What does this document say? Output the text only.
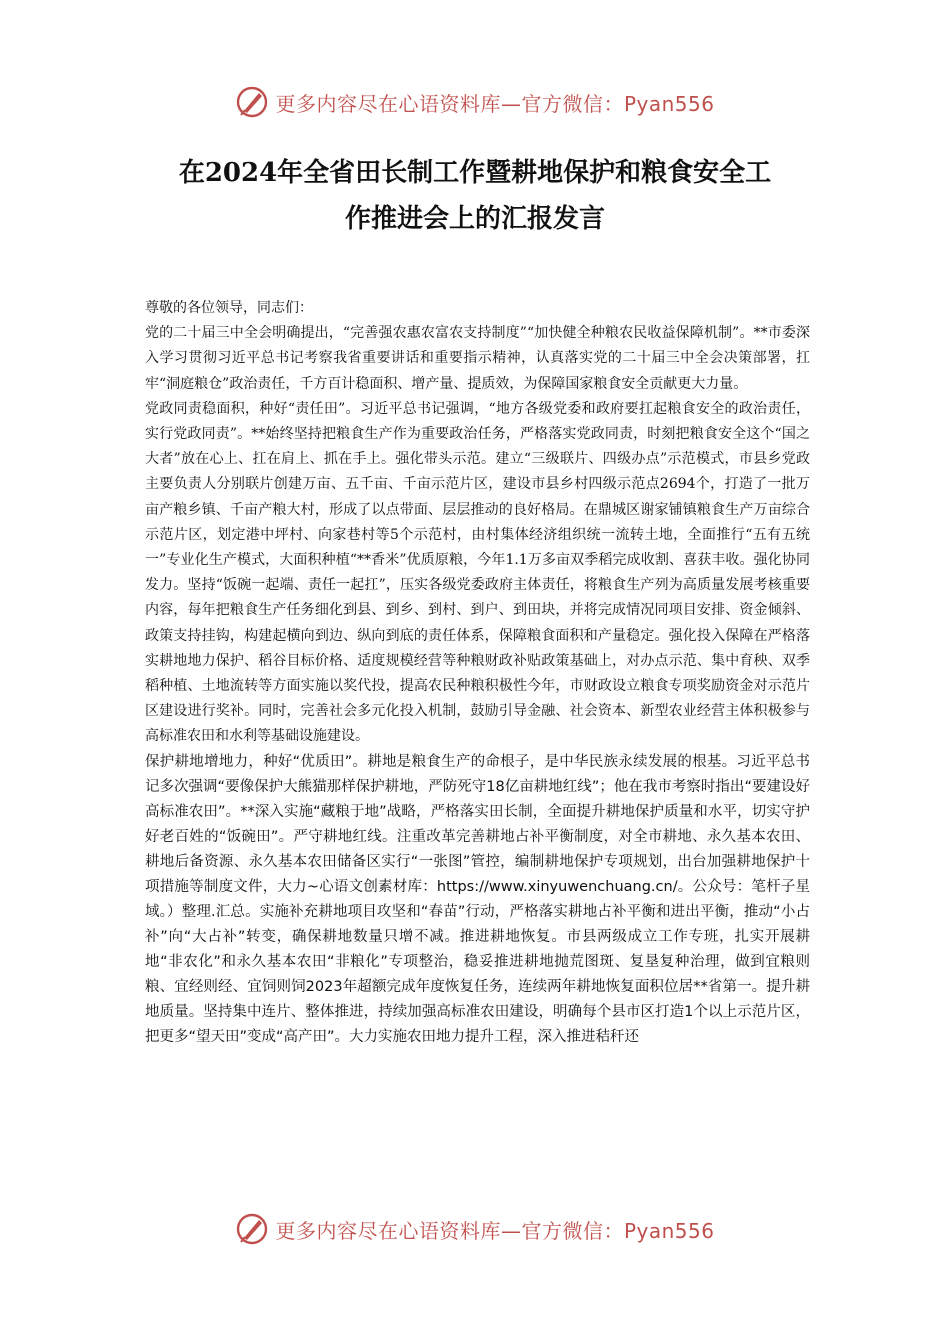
更多内容尽在心语资料库—官方微信：Pyan556
在2024年全省田长制工作暨耕地保护和粮食安全工
作推进会上的汇报发言

尊敬的各位领导，同志们：

党的二十届三中全会明确提出，“完善强农惠农富农支持制度”“加快健全种粮农民收益保障机制”。**市委深入学习贯彻习近平总书记考察我省重要讲话和重要指示精神，认真落实党的二十届三中全会决策部署，扛牢“洞庭粮仓”政治责任，千方百计稳面积、增产量、提质效，为保障国家粮食安全贡献更大力量。

党政同责稳面积，种好“责任田”。习近平总书记强调，“地方各级党委和政府要扛起粮食安全的政治责任，实行党政同责”。**始终坚持把粮食生产作为重要政治任务，严格落实党政同责，时刻把粮食安全这个“国之大者”放在心上、扛在肩上、抓在手上。强化带头示范。建立“三级联片、四级办点”示范模式，市县乡党政主要负责人分别联片创建万亩、五千亩、千亩示范片区，建设市县乡村四级示范点2694个，打造了一批万亩产粮乡镇、千亩产粮大村，形成了以点带面、层层推动的良好格局。在鼎城区谢家铺镇粮食生产万亩综合示范片区，划定港中坪村、向家巷村等5个示范村，由村集体经济组织统一流转土地，全面推行“五有五统一”专业化生产模式，大面积种植“**香米”优质原粮，今年1.1万多亩双季稻完成收割、喜获丰收。强化协同发力。坚持“饭碗一起端、责任一起扛”，压实各级党委政府主体责任，将粮食生产列为高质量发展考核重要内容，每年把粮食生产任务细化到县、到乡、到村、到户、到田块，并将完成情况同项目安排、资金倾斜、政策支持挂钩，构建起横向到边、纵向到底的责任体系，保障粮食面积和产量稳定。强化投入保障在严格落实耕地地力保护、稻谷目标价格、适度规模经营等种粮财政补贴政策基础上，对办点示范、集中育秧、双季稻种植、土地流转等方面实施以奖代投，提高农民种粮积极性今年，市财政设立粮食专项奖励资金对示范片区建设进行奖补。同时，完善社会多元化投入机制，鼓励引导金融、社会资本、新型农业经营主体积极参与高标准农田和水利等基础设施建设。

保护耕地增地力，种好“优质田”。耕地是粮食生产的命根子，是中华民族永续发展的根基。习近平总书记多次强调“要像保护大熊猫那样保护耕地，严防死守18亿亩耕地红线”；他在我市考察时指出“要建设好高标准农田”。**深入实施“藏粮于地”战略，严格落实田长制，全面提升耕地保护质量和水平，切实守护好老百姓的“饭碗田”。严守耕地红线。注重改革完善耕地占补平衡制度，对全市耕地、永久基本农田、耕地后备资源、永久基本农田储备区实行“一张图”管控，编制耕地保护专项规划，出台加强耕地保护十项措施等制度文件，大力~心语文创素材库：https://www.xinyuwenchuang.cn/。公众号：笔杆子星域。）整理.汇总。实施补充耕地项目攻坚和“春苗”行动，严格落实耕地占补平衡和进出平衡，推动“小占补”向“大占补”转变，确保耕地数量只增不减。推进耕地恢复。市县两级成立工作专班，扎实开展耕地“非农化”和永久基本农田“非粮化”专项整治，稳妥推进耕地抛荒图斑、复垦复种治理，做到宜粮则粮、宜经则经、宜饲则饲2023年超额完成年度恢复任务，连续两年耕地恢复面积位居**省第一。提升耕地质量。坚持集中连片、整体推进，持续加强高标准农田建设，明确每个县市区打造1个以上示范片区，把更多“望天田”变成“高产田”。大力实施农田地力提升工程，深入推进秸秆还

更多内容尽在心语资料库—官方微信：Pyan556
